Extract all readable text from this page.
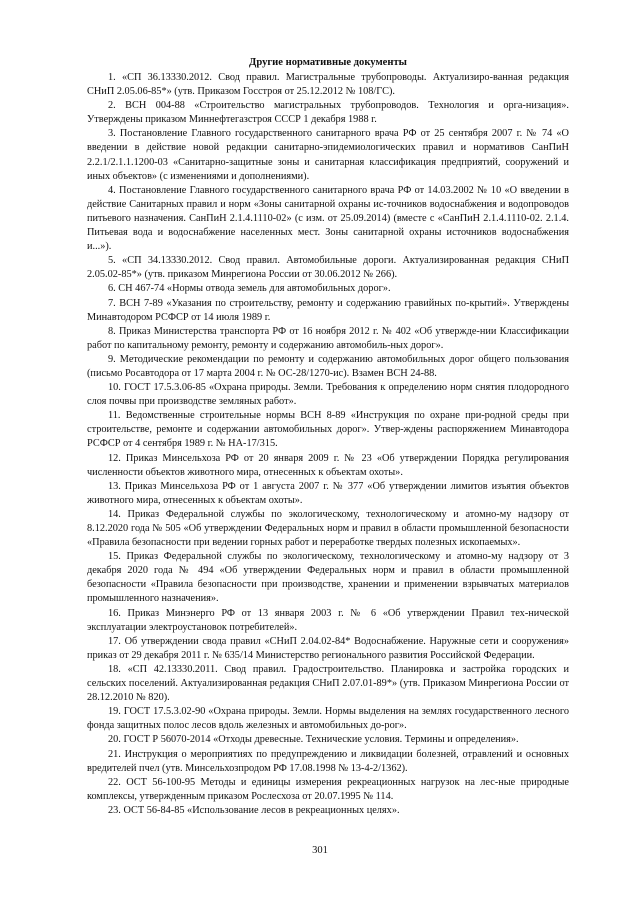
Другие нормативные документы

1. «СП 36.13330.2012. Свод правил. Магистральные трубопроводы. Актуализиро-ванная редакция СНиП 2.05.06-85*» (утв. Приказом Госстроя от 25.12.2012 № 108/ГС).

2. ВСН 004-88 «Строительство магистральных трубопроводов. Технология и орга-низация». Утверждены приказом Миннефтегазстроя СССР 1 декабря 1988 г.

3. Постановление Главного государственного санитарного врача РФ от 25 сентября 2007 г. № 74 «О введении в действие новой редакции санитарно-эпидемиологических правил и нормативов СанПиН 2.2.1/2.1.1.1200-03 «Санитарно-защитные зоны и санитарная классификация предприятий, сооружений и иных объектов» (с изменениями и дополнениями).

4. Постановление Главного государственного санитарного врача РФ от 14.03.2002 № 10 «О введении в действие Санитарных правил и норм «Зоны санитарной охраны ис-точников водоснабжения и водопроводов питьевого назначения. СанПиН 2.1.4.1110-02» (с изм. от 25.09.2014) (вместе с «СанПиН 2.1.4.1110-02. 2.1.4. Питьевая вода и водоснабжение населенных мест. Зоны санитарной охраны источников водоснабжения и...»).

5. «СП 34.13330.2012. Свод правил. Автомобильные дороги. Актуализированная редакция СНиП 2.05.02-85*» (утв. приказом Минрегиона России от 30.06.2012 № 266).

6. СН 467-74 «Нормы отвода земель для автомобильных дорог».

7. ВСН 7-89 «Указания по строительству, ремонту и содержанию гравийных по-крытий». Утверждены Минавтодором РСФСР от 14 июля 1989 г.

8. Приказ Министерства транспорта РФ от 16 ноября 2012 г. № 402 «Об утвержде-нии Классификации работ по капитальному ремонту, ремонту и содержанию автомобиль-ных дорог».

9. Методические рекомендации по ремонту и содержанию автомобильных дорог общего пользования (письмо Росавтодора от 17 марта 2004 г. № ОС-28/1270-ис). Взамен ВСН 24-88.

10. ГОСТ 17.5.3.06-85 «Охрана природы. Земли. Требования к определению норм снятия плодородного слоя почвы при производстве земляных работ».

11. Ведомственные строительные нормы ВСН 8-89 «Инструкция по охране при-родной среды при строительстве, ремонте и содержании автомобильных дорог». Утвер-ждены распоряжением Минавтодора РСФСР от 4 сентября 1989 г. № НА-17/315.

12. Приказ Минсельхоза РФ от 20 января 2009 г. № 23 «Об утверждении Порядка регулирования численности объектов животного мира, отнесенных к объектам охоты».

13. Приказ Минсельхоза РФ от 1 августа 2007 г. № 377 «Об утверждении лимитов изъятия объектов животного мира, отнесенных к объектам охоты».

14. Приказ Федеральной службы по экологическому, технологическому и атомно-му надзору от 8.12.2020 года № 505 «Об утверждении Федеральных норм и правил в области промышленной безопасности «Правила безопасности при ведении горных работ и переработке твердых полезных ископаемых».

15. Приказ Федеральной службы по экологическому, технологическому и атомно-му надзору от 3 декабря 2020 года № 494 «Об утверждении Федеральных норм и правил в области промышленной безопасности «Правила безопасности при производстве, хранении и применении взрывчатых материалов промышленного назначения».

16. Приказ Минэнерго РФ от 13 января 2003 г. № 6 «Об утверждении Правил тех-нической эксплуатации электроустановок потребителей».

17. Об утверждении свода правил «СНиП 2.04.02-84* Водоснабжение. Наружные сети и сооружения» приказ от 29 декабря 2011 г. № 635/14 Министерство регионального развития Российской Федерации.

18. «СП 42.13330.2011. Свод правил. Градостроительство. Планировка и застройка городских и сельских поселений. Актуализированная редакция СНиП 2.07.01-89*» (утв. Приказом Минрегиона России от 28.12.2010 № 820).

19. ГОСТ 17.5.3.02-90 «Охрана природы. Земли. Нормы выделения на землях государственного лесного фонда защитных полос лесов вдоль железных и автомобильных до-рог».

20. ГОСТ Р 56070-2014 «Отходы древесные. Технические условия. Термины и определения».

21. Инструкция о мероприятиях по предупреждению и ликвидации болезней, отравлений и основных вредителей пчел (утв. Минсельхозпродом РФ 17.08.1998 № 13-4-2/1362).

22. ОСТ 56-100-95 Методы и единицы измерения рекреационных нагрузок на лес-ные природные комплексы, утвержденным приказом Рослесхоза от 20.07.1995 № 114.

23. ОСТ 56-84-85 «Использование лесов в рекреационных целях».

301
